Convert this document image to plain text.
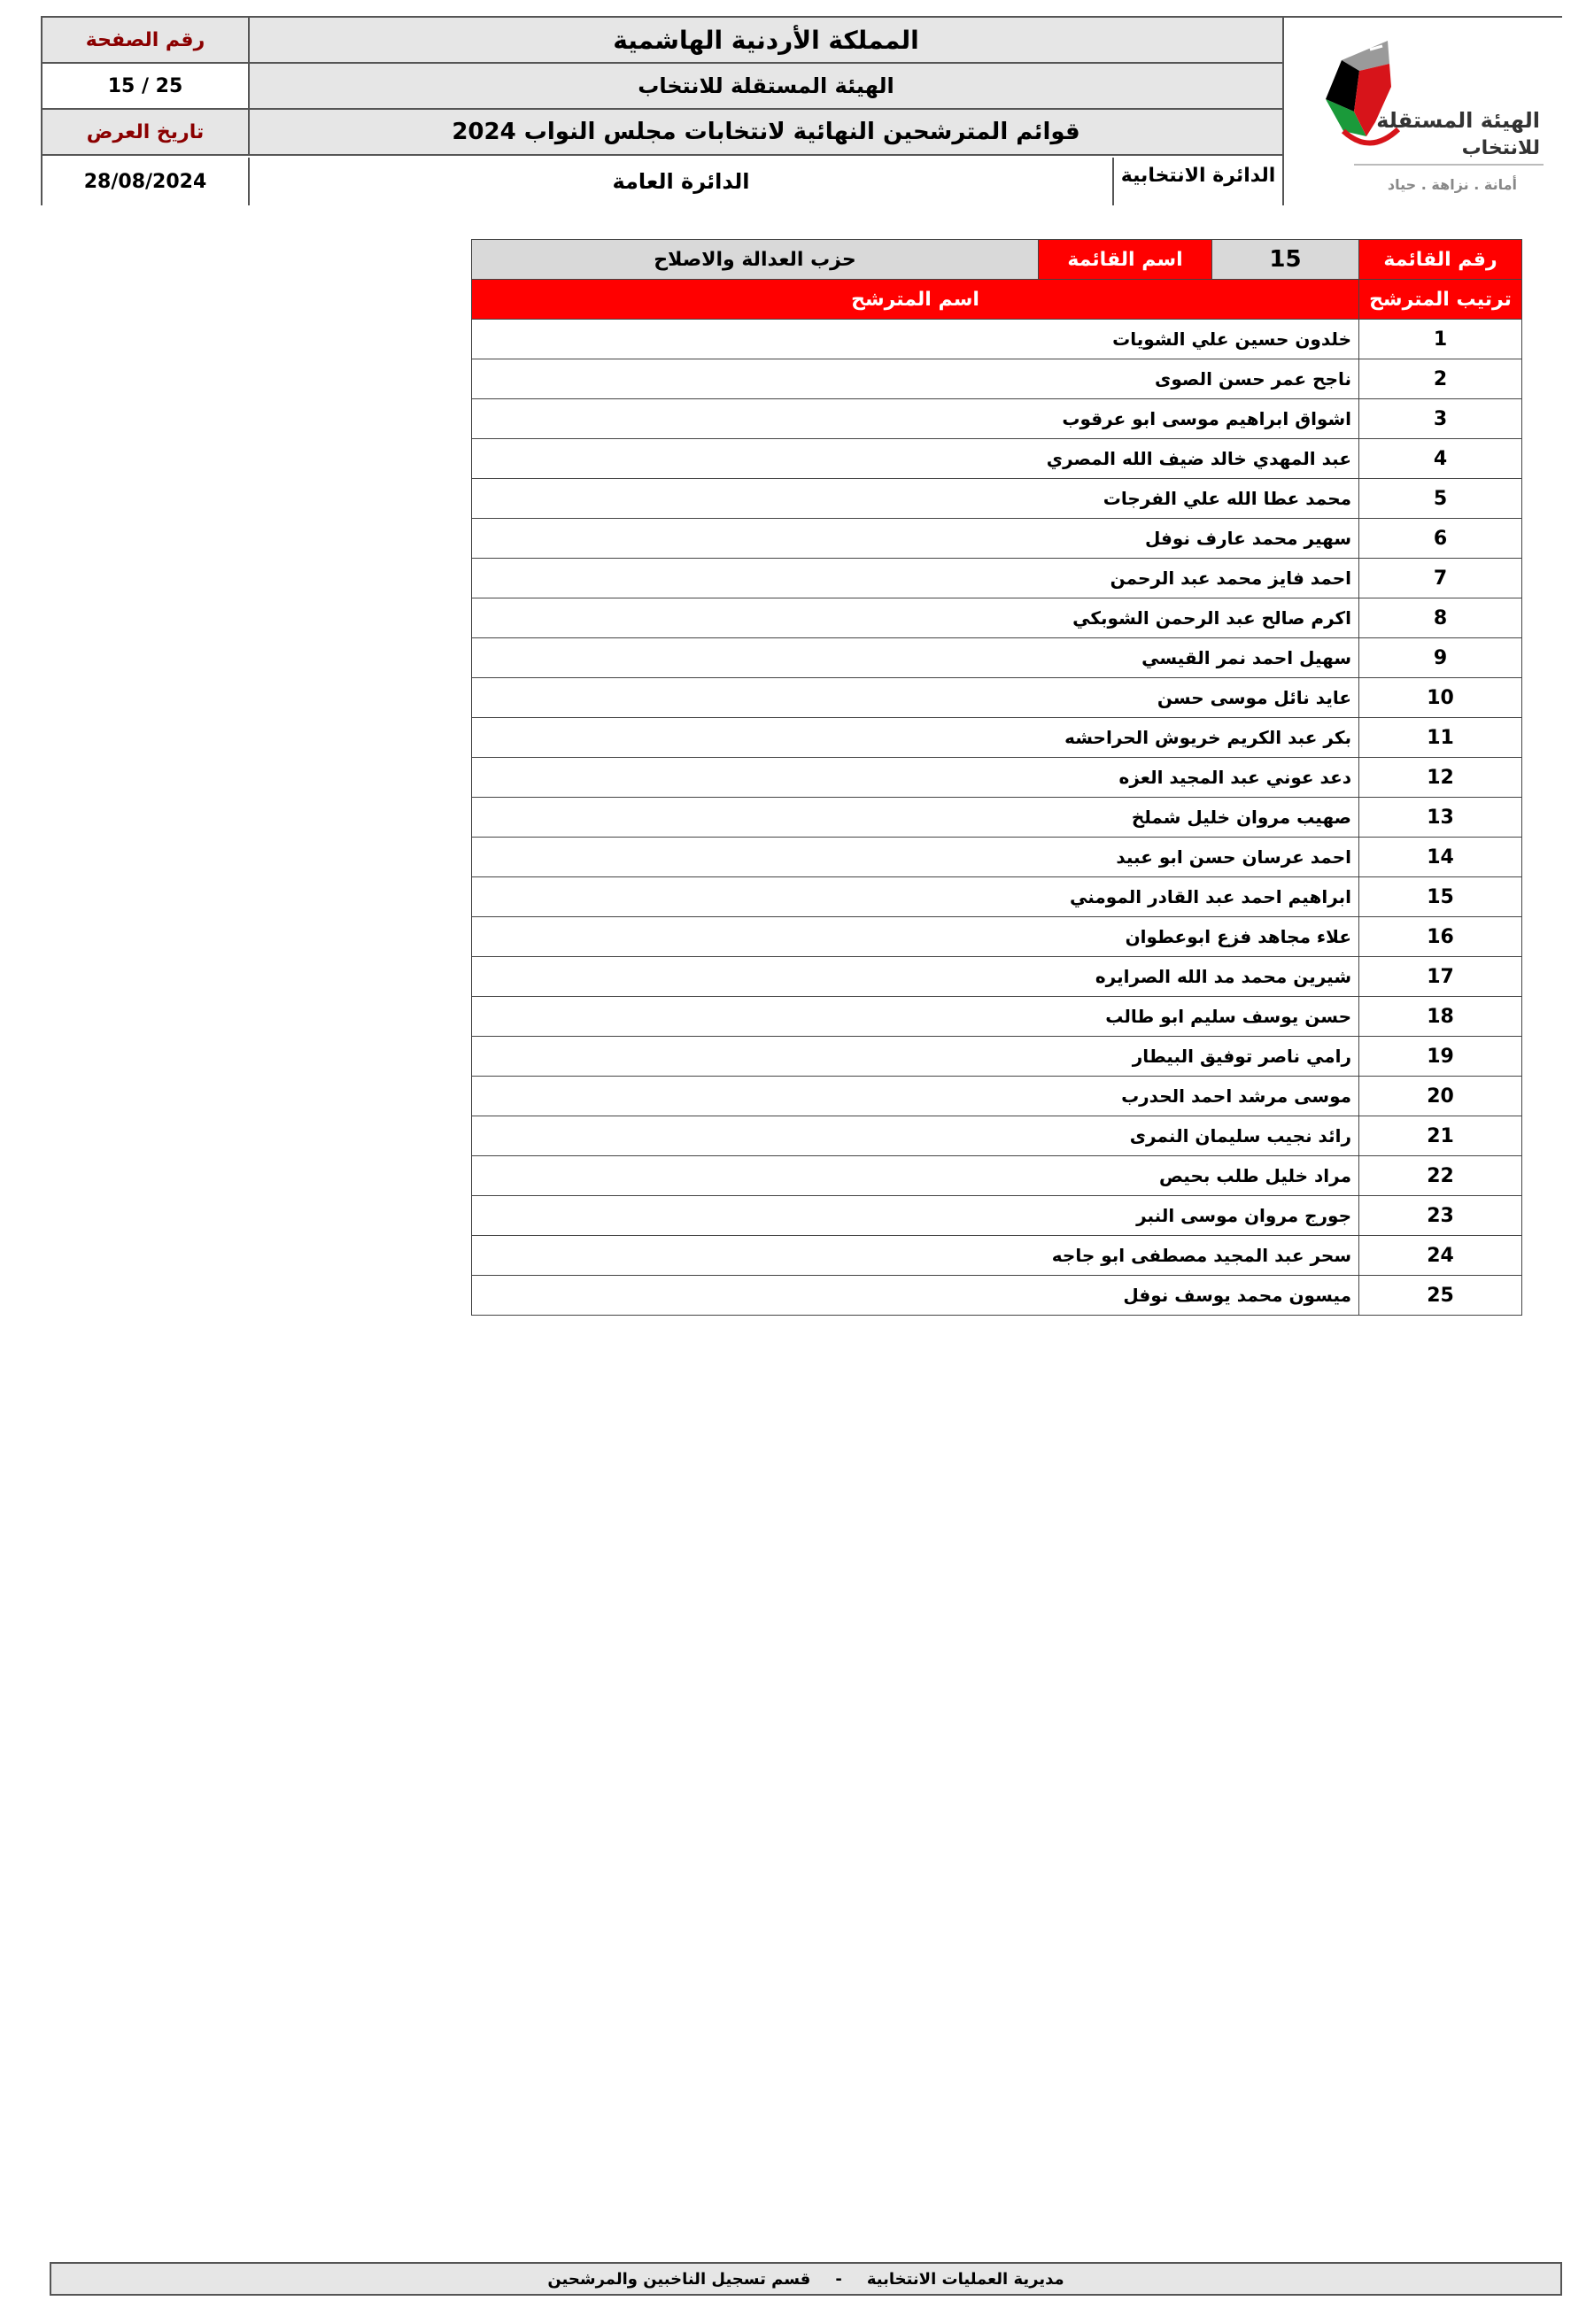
الهيئة المستقلة
للانتخاب
أمانة . نزاهة . حياد
المملكة الأردنية الهاشمية
الهيئة المستقلة للانتخاب
قوائم المترشحين النهائية لانتخابات مجلس النواب 2024
رقم الصفحة
15 / 25
تاريخ العرض
28/08/2024	الدائرة الانتخابية
الدائرة العامة
رقم القائمة	15	اسم القائمة	حزب العدالة والاصلاح
ترتيب المترشح	اسم المترشح		
1	خلدون حسين علي الشويات		
2	ناجح عمر حسن الصوى		
3	اشواق ابراهيم موسى ابو عرقوب		
4	عبد المهدي خالد ضيف الله المصري		
5	محمد عطا الله علي الفرجات		
6	سهير محمد عارف نوفل		
7	احمد فايز محمد عبد الرحمن		
8	اكرم صالح عبد الرحمن الشوبكي		
9	سهيل احمد نمر القيسي		
10	عايد نائل موسى حسن		
11	بكر عبد الكريم خريوش الحراحشه		
12	دعد عوني عبد المجيد العزه		
13	صهيب مروان خليل شملخ		
14	احمد عرسان حسن ابو عبيد		
15	ابراهيم احمد عبد القادر المومني		
16	علاء مجاهد فزع ابوعطوان		
17	شيرين محمد مد الله الصرايره		
18	حسن يوسف سليم ابو طالب		
19	رامي ناصر توفيق البيطار		
20	موسى مرشد احمد الحدرب		
21	رائد نجيب سليمان النمرى		
22	مراد خليل طلب بحيص		
23	جورج مروان موسى النبر		
24	سحر عبد المجيد مصطفى ابو جاجه		
25	ميسون محمد يوسف نوفل		
مديرية العمليات الانتخابية
-
قسم تسجيل الناخبين والمرشحين
